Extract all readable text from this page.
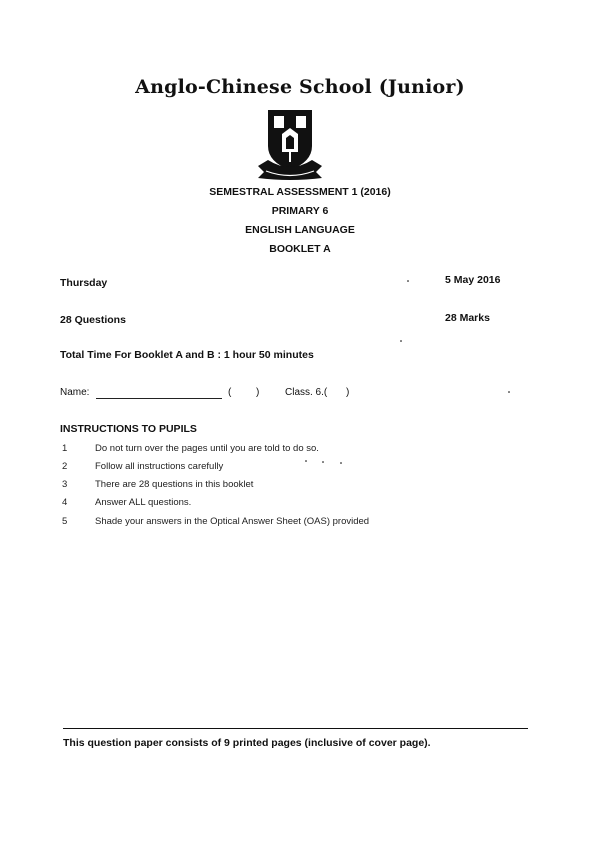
Anglo-Chinese School (Junior)
SEMESTRAL ASSESSMENT 1 (2016)
PRIMARY 6
ENGLISH LANGUAGE
BOOKLET A
Thursday	5 May 2016
28 Questions	28 Marks
Total Time For Booklet A and B : 1 hour 50 minutes
Name:	( )	Class. 6.( )
INSTRUCTIONS TO PUPILS
1	Do not turn over the pages until you are told to do so.
2	Follow all instructions carefully
3	There are 28 questions in this booklet
4	Answer ALL questions.
5	Shade your answers in the Optical Answer Sheet (OAS) provided
This question paper consists of 9 printed pages (inclusive of cover page).
